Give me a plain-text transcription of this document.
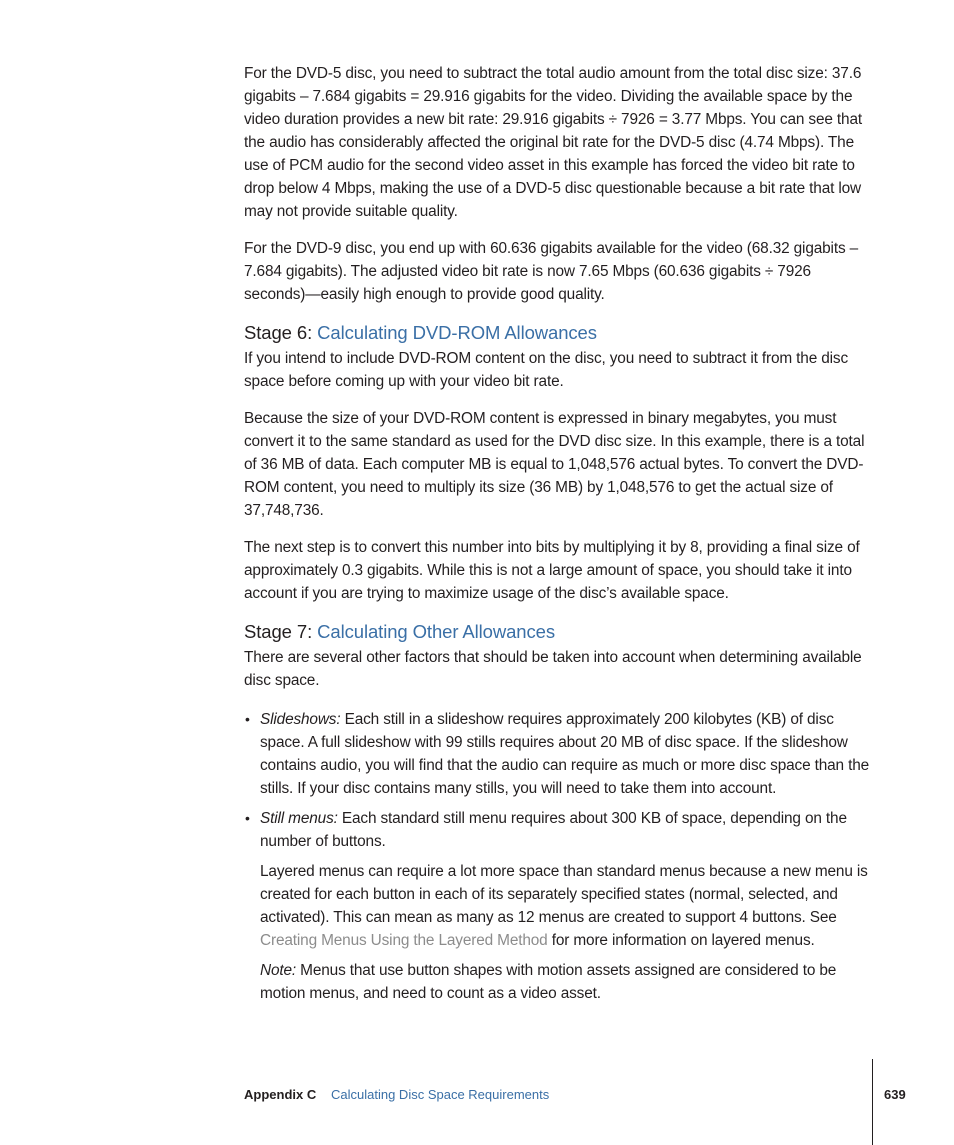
For the DVD-5 disc, you need to subtract the total audio amount from the total disc size: 37.6 gigabits – 7.684 gigabits = 29.916 gigabits for the video. Dividing the available space by the video duration provides a new bit rate: 29.916 gigabits ÷ 7926 = 3.77 Mbps. You can see that the audio has considerably affected the original bit rate for the DVD-5 disc (4.74 Mbps). The use of PCM audio for the second video asset in this example has forced the video bit rate to drop below 4 Mbps, making the use of a DVD-5 disc questionable because a bit rate that low may not provide suitable quality.

For the DVD-9 disc, you end up with 60.636 gigabits available for the video (68.32 gigabits – 7.684 gigabits). The adjusted video bit rate is now 7.65 Mbps (60.636 gigabits ÷ 7926 seconds)—easily high enough to provide good quality.

Stage 6: Calculating DVD-ROM Allowances

If you intend to include DVD-ROM content on the disc, you need to subtract it from the disc space before coming up with your video bit rate.

Because the size of your DVD-ROM content is expressed in binary megabytes, you must convert it to the same standard as used for the DVD disc size. In this example, there is a total of 36 MB of data. Each computer MB is equal to 1,048,576 actual bytes. To convert the DVD-ROM content, you need to multiply its size (36 MB) by 1,048,576 to get the actual size of 37,748,736.

The next step is to convert this number into bits by multiplying it by 8, providing a final size of approximately 0.3 gigabits. While this is not a large amount of space, you should take it into account if you are trying to maximize usage of the disc’s available space.

Stage 7: Calculating Other Allowances

There are several other factors that should be taken into account when determining available disc space.

• Slideshows: Each still in a slideshow requires approximately 200 kilobytes (KB) of disc space. A full slideshow with 99 stills requires about 20 MB of disc space. If the slideshow contains audio, you will find that the audio can require as much or more disc space than the stills. If your disc contains many stills, you will need to take them into account.

• Still menus: Each standard still menu requires about 300 KB of space, depending on the number of buttons.

Layered menus can require a lot more space than standard menus because a new menu is created for each button in each of its separately specified states (normal, selected, and activated). This can mean as many as 12 menus are created to support 4 buttons. See Creating Menus Using the Layered Method for more information on layered menus.

Note: Menus that use button shapes with motion assets assigned are considered to be motion menus, and need to count as a video asset.

Appendix C Calculating Disc Space Requirements	639
